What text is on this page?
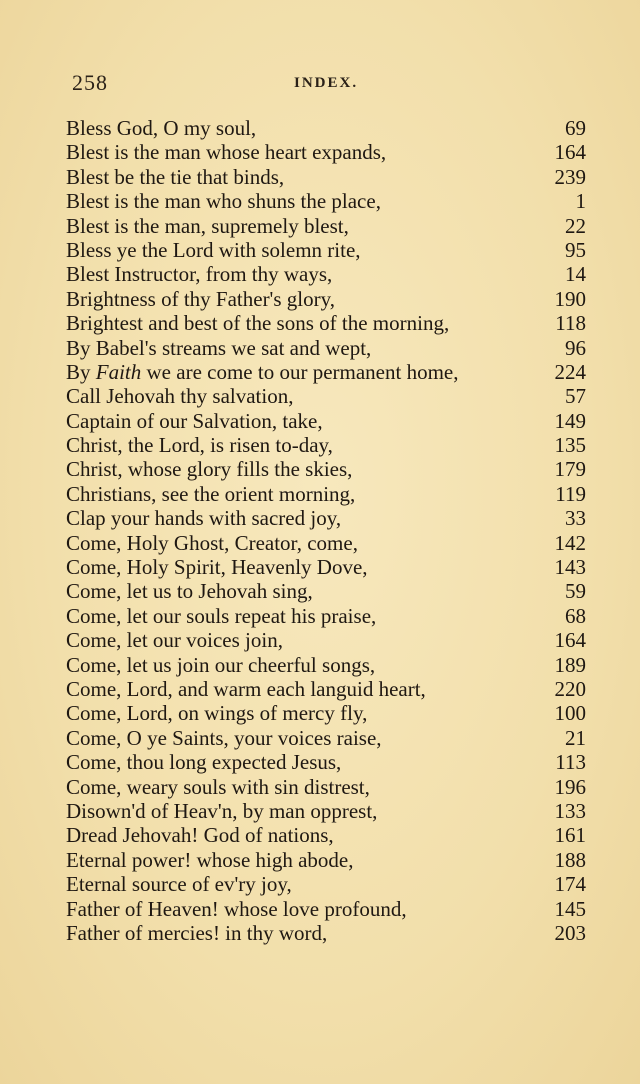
258	INDEX.
Bless God, O my soul,	69
Blest is the man whose heart expands,	164
Blest be the tie that binds,	239
Blest is the man who shuns the place,	1
Blest is the man, supremely blest,	22
Bless ye the Lord with solemn rite,	95
Blest Instructor, from thy ways,	14
Brightness of thy Father's glory,	190
Brightest and best of the sons of the morning,	118
By Babel's streams we sat and wept,	96
By Faith we are come to our permanent home,	224
Call Jehovah thy salvation,	57
Captain of our Salvation, take,	149
Christ, the Lord, is risen to-day,	135
Christ, whose glory fills the skies,	179
Christians, see the orient morning,	119
Clap your hands with sacred joy,	33
Come, Holy Ghost, Creator, come,	142
Come, Holy Spirit, Heavenly Dove,	143
Come, let us to Jehovah sing,	59
Come, let our souls repeat his praise,	68
Come, let our voices join,	164
Come, let us join our cheerful songs,	189
Come, Lord, and warm each languid heart,	220
Come, Lord, on wings of mercy fly,	100
Come, O ye Saints, your voices raise,	21
Come, thou long expected Jesus,	113
Come, weary souls with sin distrest,	196
Disown'd of Heav'n, by man opprest,	133
Dread Jehovah! God of nations,	161
Eternal power! whose high abode,	188
Eternal source of ev'ry joy,	174
Father of Heaven! whose love profound,	145
Father of mercies! in thy word,	203
